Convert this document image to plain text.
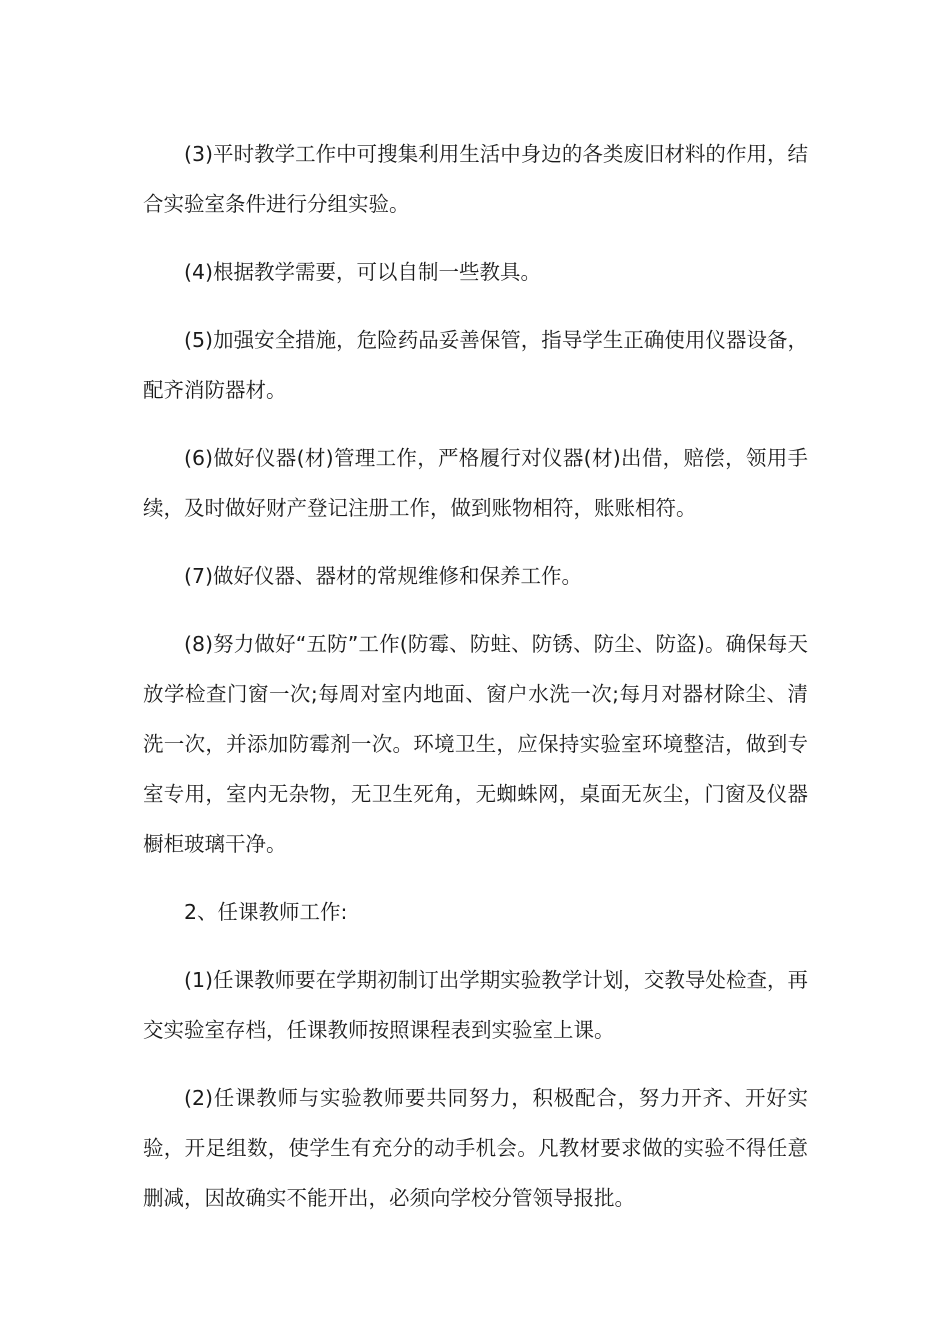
(3)平时教学工作中可搜集利用生活中身边的各类废旧材料的作用，结合实验室条件进行分组实验。

(4)根据教学需要，可以自制一些教具。

(5)加强安全措施，危险药品妥善保管，指导学生正确使用仪器设备，配齐消防器材。

(6)做好仪器(材)管理工作，严格履行对仪器(材)出借，赔偿，领用手续，及时做好财产登记注册工作，做到账物相符，账账相符。

(7)做好仪器、器材的常规维修和保养工作。

(8)努力做好“五防”工作(防霉、防蛀、防锈、防尘、防盗)。确保每天放学检查门窗一次;每周对室内地面、窗户水洗一次;每月对器材除尘、清洗一次，并添加防霉剂一次。环境卫生，应保持实验室环境整洁，做到专室专用，室内无杂物，无卫生死角，无蜘蛛网，桌面无灰尘，门窗及仪器橱柜玻璃干净。

2、任课教师工作:

(1)任课教师要在学期初制订出学期实验教学计划，交教导处检查，再交实验室存档，任课教师按照课程表到实验室上课。

(2)任课教师与实验教师要共同努力，积极配合，努力开齐、开好实验，开足组数，使学生有充分的动手机会。凡教材要求做的实验不得任意删减，因故确实不能开出，必须向学校分管领导报批。
